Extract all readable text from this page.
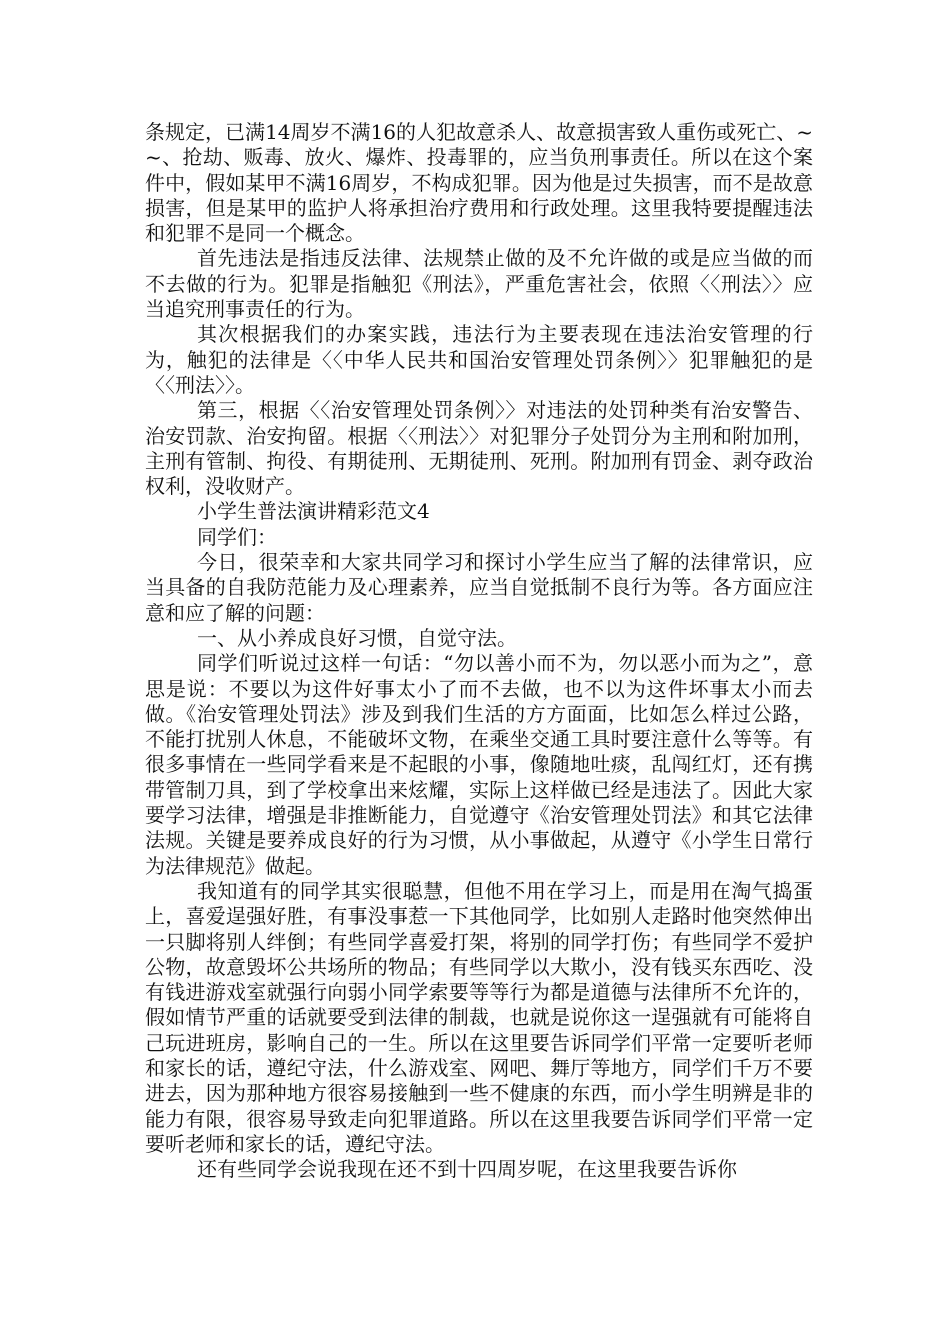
条规定，已满14周岁不满16的人犯故意杀人、故意损害致人重伤或死亡、~~、抢劫、贩毒、放火、爆炸、投毒罪的，应当负刑事责任。所以在这个案件中，假如某甲不满16周岁，不构成犯罪。因为他是过失损害，而不是故意损害，但是某甲的监护人将承担治疗费用和行政处理。这里我特要提醒违法和犯罪不是同一个概念。

首先违法是指违反法律、法规禁止做的及不允许做的或是应当做的而不去做的行为。犯罪是指触犯《刑法》，严重危害社会，依照〈〈刑法〉〉应当追究刑事责任的行为。

其次根据我们的办案实践，违法行为主要表现在违法治安管理的行为，触犯的法律是〈〈中华人民共和国治安管理处罚条例〉〉犯罪触犯的是〈〈刑法〉〉。

第三，根据〈〈治安管理处罚条例〉〉对违法的处罚种类有治安警告、治安罚款、治安拘留。根据〈〈刑法〉〉对犯罪分子处罚分为主刑和附加刑，主刑有管制、拘役、有期徒刑、无期徒刑、死刑。附加刑有罚金、剥夺政治权利，没收财产。

小学生普法演讲精彩范文4

同学们：

今日，很荣幸和大家共同学习和探讨小学生应当了解的法律常识，应当具备的自我防范能力及心理素养，应当自觉抵制不良行为等。各方面应注意和应了解的问题：

一、从小养成良好习惯，自觉守法。

同学们听说过这样一句话：“勿以善小而不为，勿以恶小而为之”，意思是说：不要以为这件好事太小了而不去做，也不以为这件坏事太小而去做。《治安管理处罚法》涉及到我们生活的方方面面，比如怎么样过公路，不能打扰别人休息，不能破坏文物，在乘坐交通工具时要注意什么等等。有很多事情在一些同学看来是不起眼的小事，像随地吐痰，乱闯红灯，还有携带管制刀具，到了学校拿出来炫耀，实际上这样做已经是违法了。因此大家要学习法律，增强是非推断能力，自觉遵守《治安管理处罚法》和其它法律法规。关键是要养成良好的行为习惯，从小事做起，从遵守《小学生日常行为法律规范》做起。

我知道有的同学其实很聪慧，但他不用在学习上，而是用在淘气捣蛋上，喜爱逞强好胜，有事没事惹一下其他同学，比如别人走路时他突然伸出一只脚将别人绊倒；有些同学喜爱打架，将别的同学打伤；有些同学不爱护公物，故意毁坏公共场所的物品；有些同学以大欺小，没有钱买东西吃、没有钱进游戏室就强行向弱小同学索要等等行为都是道德与法律所不允许的，假如情节严重的话就要受到法律的制裁，也就是说你这一逞强就有可能将自己玩进班房，影响自己的一生。所以在这里要告诉同学们平常一定要听老师和家长的话，遵纪守法，什么游戏室、网吧、舞厅等地方，同学们千万不要进去，因为那种地方很容易接触到一些不健康的东西，而小学生明辨是非的能力有限，很容易导致走向犯罪道路。所以在这里我要告诉同学们平常一定要听老师和家长的话，遵纪守法。

还有些同学会说我现在还不到十四周岁呢，在这里我要告诉你
